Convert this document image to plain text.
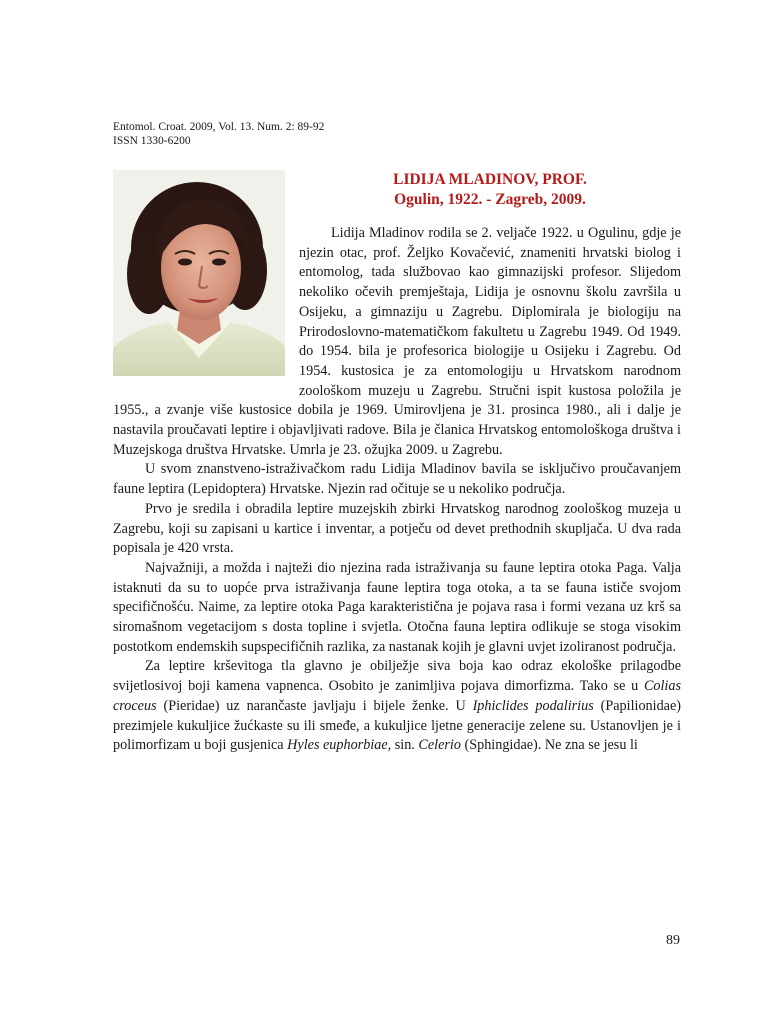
Entomol. Croat. 2009, Vol. 13. Num. 2: 89-92
ISSN 1330-6200
LIDIJA MLADINOV, PROF.
Ogulin, 1922. - Zagreb, 2009.

Lidija Mladinov rodila se 2. veljače 1922. u Ogulinu, gdje je njezin otac, prof. Željko Kovačević, znameniti hrvatski biolog i entomolog, tada službovao kao gimnazijski profesor. Slijedom nekoliko očevih premještaja, Lidija je osnovnu školu završila u Osijeku, a gimnaziju u Zagrebu. Diplomirala je biologiju na Prirodoslovno-matematičkom fakultetu u Zagrebu 1949. Od 1949. do 1954. bila je profesorica biologije u Osijeku i Zagrebu. Od 1954. kustosica je za entomologiju u Hrvatskom narodnom zoološkom muzeju u Zagrebu. Stručni ispit kustosa položila je 1955., a zvanje više kustosice dobila je 1969. Umirovljena je 31. prosinca 1980., ali i dalje je nastavila proučavati leptire i objavljivati radove. Bila je članica Hrvatskog entomološkoga društva i Muzejskoga društva Hrvatske. Umrla je 23. ožujka 2009. u Zagrebu.

U svom znanstveno-istraživačkom radu Lidija Mladinov bavila se isključivo proučavanjem faune leptira (Lepidoptera) Hrvatske. Njezin rad očituje se u nekoliko područja.

Prvo je sredila i obradila leptire muzejskih zbirki Hrvatskog narodnog zoološkog muzeja u Zagrebu, koji su zapisani u kartice i inventar, a potječu od devet prethodnih skupljača. U dva rada popisala je 420 vrsta.

Najvažniji, a možda i najteži dio njezina rada istraživanja su faune leptira otoka Paga. Valja istaknuti da su to uopće prva istraživanja faune leptira toga otoka, a ta se fauna ističe svojom specifičnošću. Naime, za leptire otoka Paga karakteristična je pojava rasa i formi vezana uz krš sa siromašnom vegetacijom s dosta topline i svjetla. Otočna fauna leptira odlikuje se stoga visokim postotkom endemskih supspecifičnih razlika, za nastanak kojih je glavni uvjet izoliranost područja.

Za leptire krševitoga tla glavno je obilježje siva boja kao odraz ekološke prilagodbe svijetlosivoj boji kamena vapnenca. Osobito je zanimljiva pojava dimorfizma. Tako se u Colias croceus (Pieridae) uz narančaste javljaju i bijele ženke. U Iphiclides podalirius (Papilionidae) prezimjele kukuljice žućkaste su ili smeđe, a kukuljice ljetne generacije zelene su. Ustanovljen je i polimorfizam u boji gusjenica Hyles euphorbiae, sin. Celerio (Sphingidae). Ne zna se jesu li

89
